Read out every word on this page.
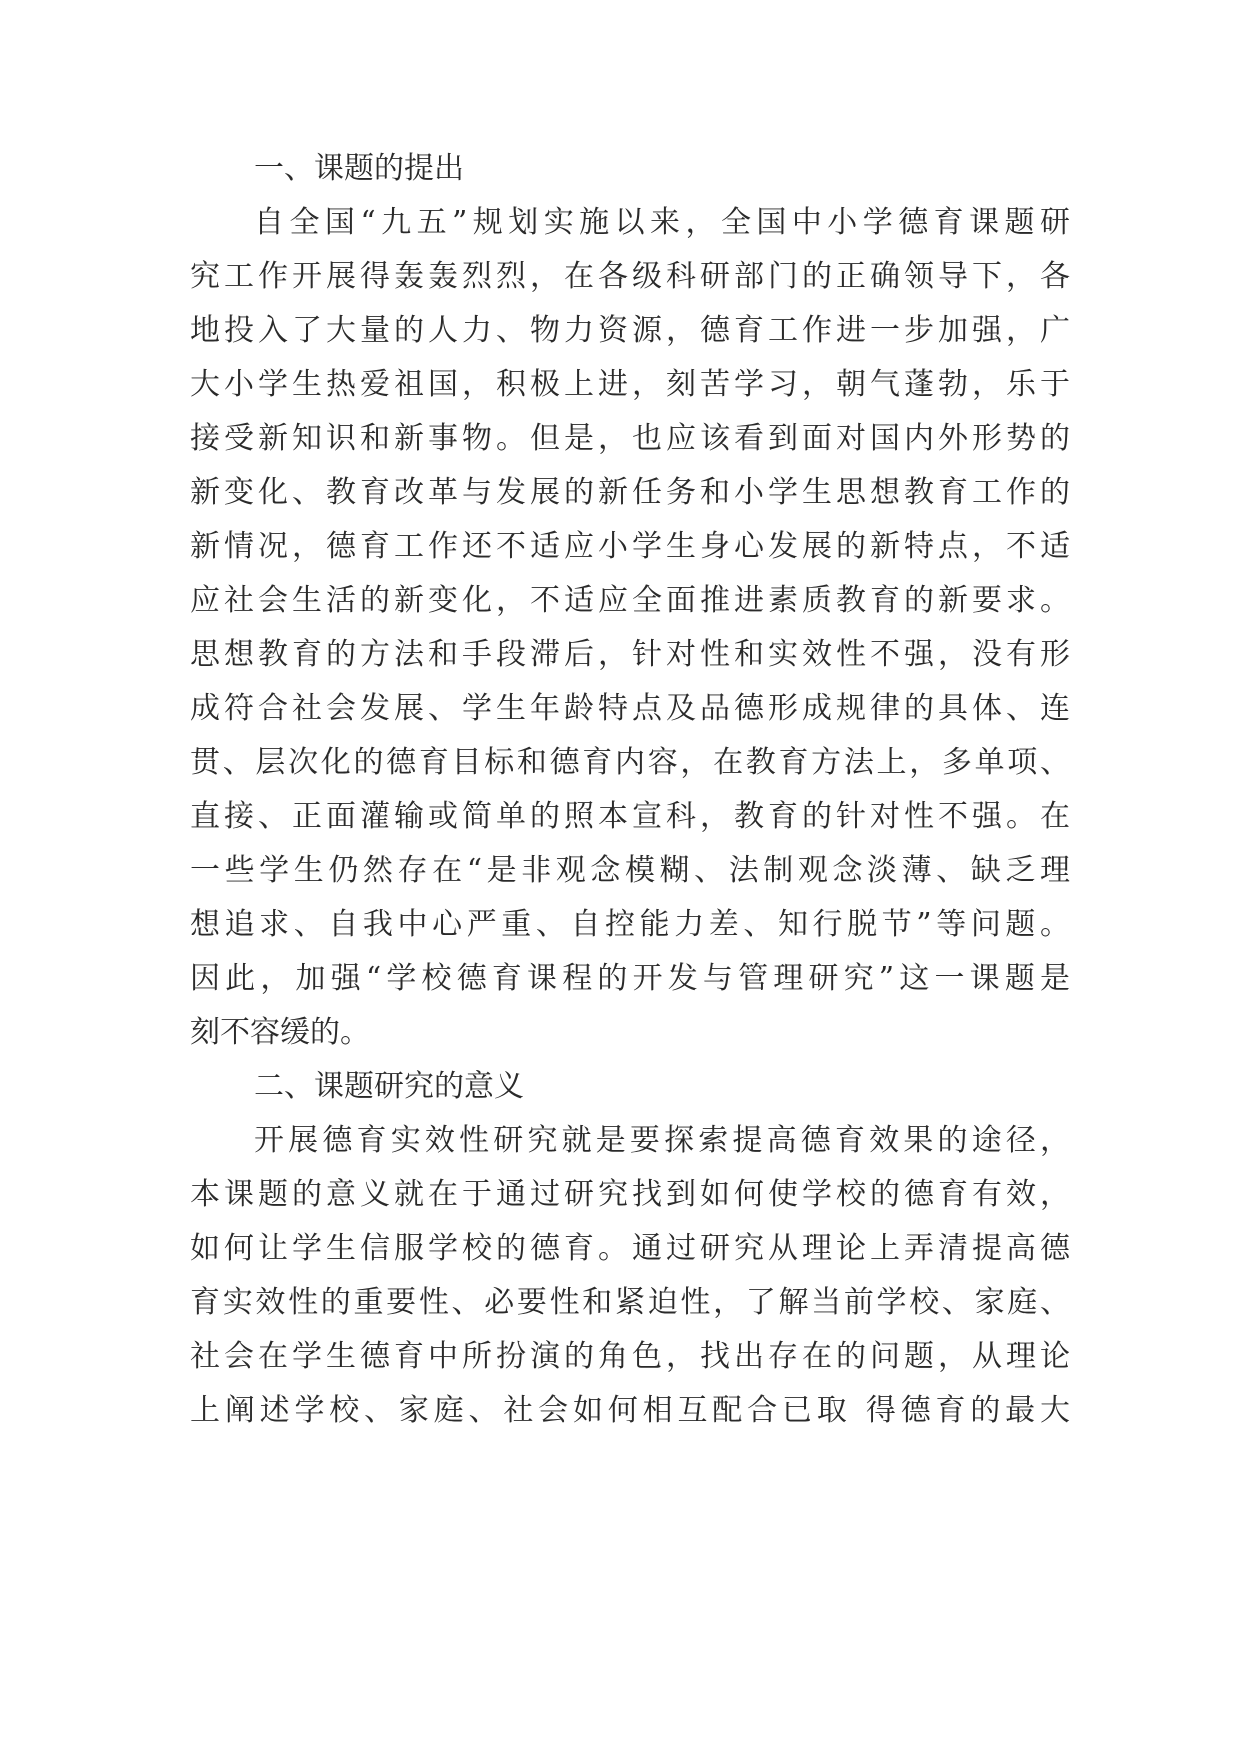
一、课题的提出
自全国“九五”规划实施以来，全国中小学德育课题研
究工作开展得轰轰烈烈，在各级科研部门的正确领导下，各
地投入了大量的人力、物力资源，德育工作进一步加强，广
大小学生热爱祖国，积极上进，刻苦学习，朝气蓬勃，乐于
接受新知识和新事物。但是，也应该看到面对国内外形势的
新变化、教育改革与发展的新任务和小学生思想教育工作的
新情况，德育工作还不适应小学生身心发展的新特点，不适
应社会生活的新变化，不适应全面推进素质教育的新要求。
思想教育的方法和手段滞后，针对性和实效性不强，没有形
成符合社会发展、学生年龄特点及品德形成规律的具体、连
贯、层次化的德育目标和德育内容，在教育方法上，多单项、
直接、正面灌输或简单的照本宣科，教育的针对性不强。在
一些学生仍然存在“是非观念模糊、法制观念淡薄、缺乏理
想追求、自我中心严重、自控能力差、知行脱节”等问题。
因此，加强“学校德育课程的开发与管理研究”这一课题是
刻不容缓的。
二、课题研究的意义
开展德育实效性研究就是要探索提高德育效果的途径，
本课题的意义就在于通过研究找到如何使学校的德育有效，
如何让学生信服学校的德育。通过研究从理论上弄清提高德
育实效性的重要性、必要性和紧迫性，了解当前学校、家庭、
社会在学生德育中所扮演的角色，找出存在的问题，从理论
上阐述学校、家庭、社会如何相互配合已取 得德育的最大
